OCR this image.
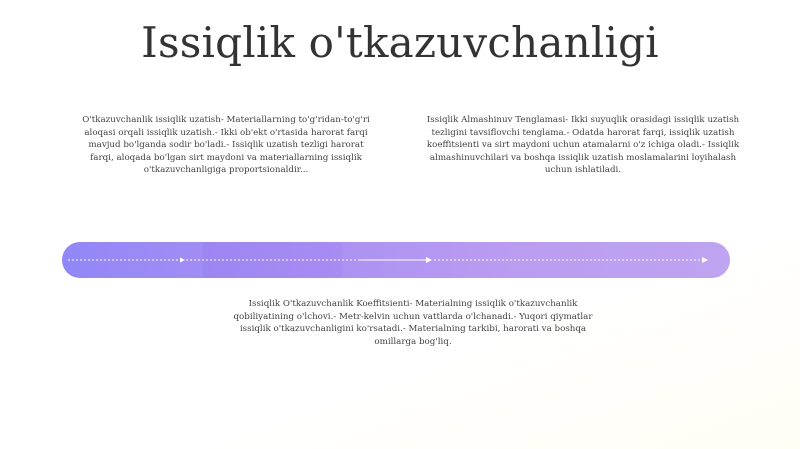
Issiqlik o'tkazuvchanligi
O'tkazuvchanlik issiqlik uzatish- Materiallarning to'g'ridan-to'g'ri aloqasi orqali issiqlik uzatish.- Ikki ob'ekt o'rtasida harorat farqi mavjud bo'lganda sodir bo'ladi.- Issiqlik uzatish tezligi harorat farqi, aloqada bo'lgan sirt maydoni va materiallarning issiqlik o'tkazuvchanligiga proportsionaldir...
Issiqlik Almashinuv Tenglamasi- Ikki suyuqlik orasidagi issiqlik uzatish tezligini tavsiflovchi tenglama.- Odatda harorat farqi, issiqlik uzatish koeffitsienti va sirt maydoni uchun atamalarni o'z ichiga oladi.- Issiqlik almashinuvchilari va boshqa issiqlik uzatish moslamalarini loyihalash uchun ishlatiladi.
Issiqlik O'tkazuvchanlik Koeffitsienti- Materialning issiqlik o'tkazuvchanlik qobiliyatining o'lchovi.- Metr-kelvin uchun vattlarda o'lchanadi.- Yuqori qiymatlar issiqlik o'tkazuvchanligini ko'rsatadi.- Materialning tarkibi, harorati va boshqa omillarga bog'liq.
